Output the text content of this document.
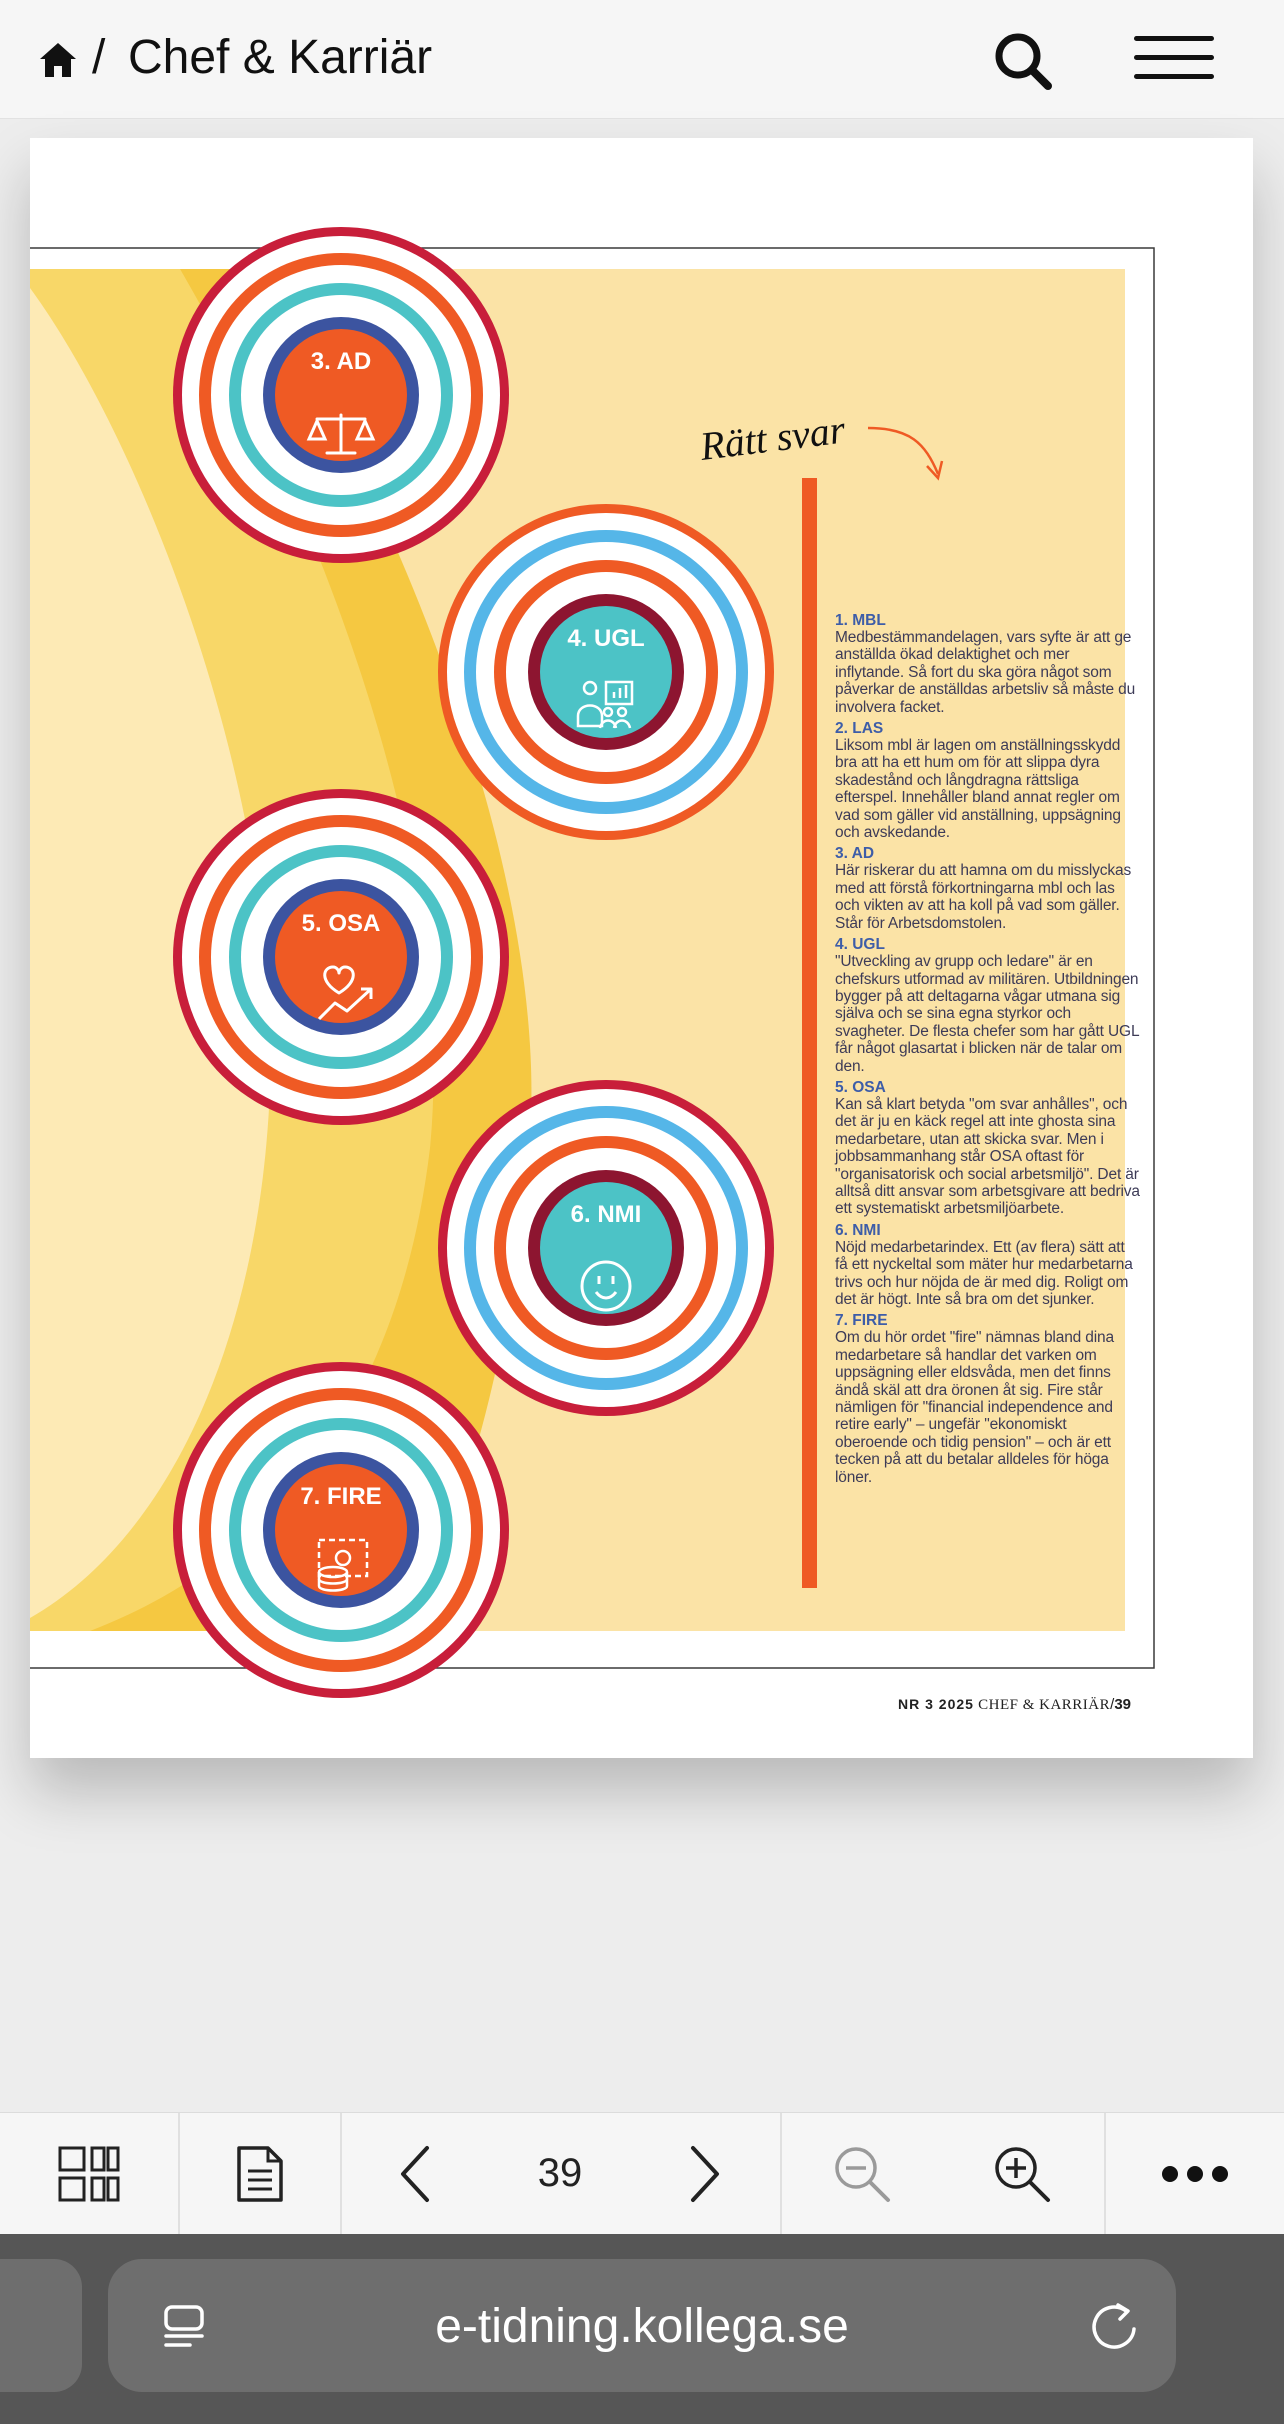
/ Chef & Karriär
3. AD
4. UGL
5. OSA
6. NMI
7. FIRE
Rätt svar
1. MBL

Medbestämmandelagen, vars syfte är att ge anställda ökad delaktighet och mer inflytande. Så fort du ska göra något som påverkar de anställdas arbetsliv så måste du involvera facket.

2. LAS

Liksom mbl är lagen om anställningsskydd bra att ha ett hum om för att slippa dyra skadestånd och långdragna rättsliga efterspel. Innehåller bland annat regler om vad som gäller vid anställning, uppsägning och avskedande.

3. AD

Här riskerar du att hamna om du misslyckas med att förstå förkortningarna mbl och las och vikten av att ha koll på vad som gäller. Står för Arbetsdomstolen.

4. UGL

"Utveckling av grupp och ledare" är en chefskurs utformad av militären. Utbildningen bygger på att deltagarna vågar utmana sig själva och se sina egna styrkor och svagheter. De flesta chefer som har gått UGL får något glasartat i blicken när de talar om den.

5. OSA

Kan så klart betyda "om svar anhålles", och det är ju en käck regel att inte ghosta sina medarbetare, utan att skicka svar. Men i jobbsammanhang står OSA oftast för "organisatorisk och social arbetsmiljö". Det är alltså ditt ansvar som arbetsgivare att bedriva ett systematiskt arbetsmiljöarbete.

6. NMI

Nöjd medarbetarindex. Ett (av flera) sätt att få ett nyckeltal som mäter hur medarbetarna trivs och hur nöjda de är med dig. Roligt om det är högt. Inte så bra om det sjunker.

7. FIRE

Om du hör ordet "fire" nämnas bland dina medarbetare så handlar det varken om uppsägning eller eldsvåda, men det finns ändå skäl att dra öronen åt sig. Fire står nämligen för "financial independence and retire early" – ungefär "ekonomiskt oberoende och tidig pension" – och är ett tecken på att du betalar alldeles för höga löner.

NR 3 2025 CHEF & KARRIÄR/39
39
e-tidning.kollega.se
